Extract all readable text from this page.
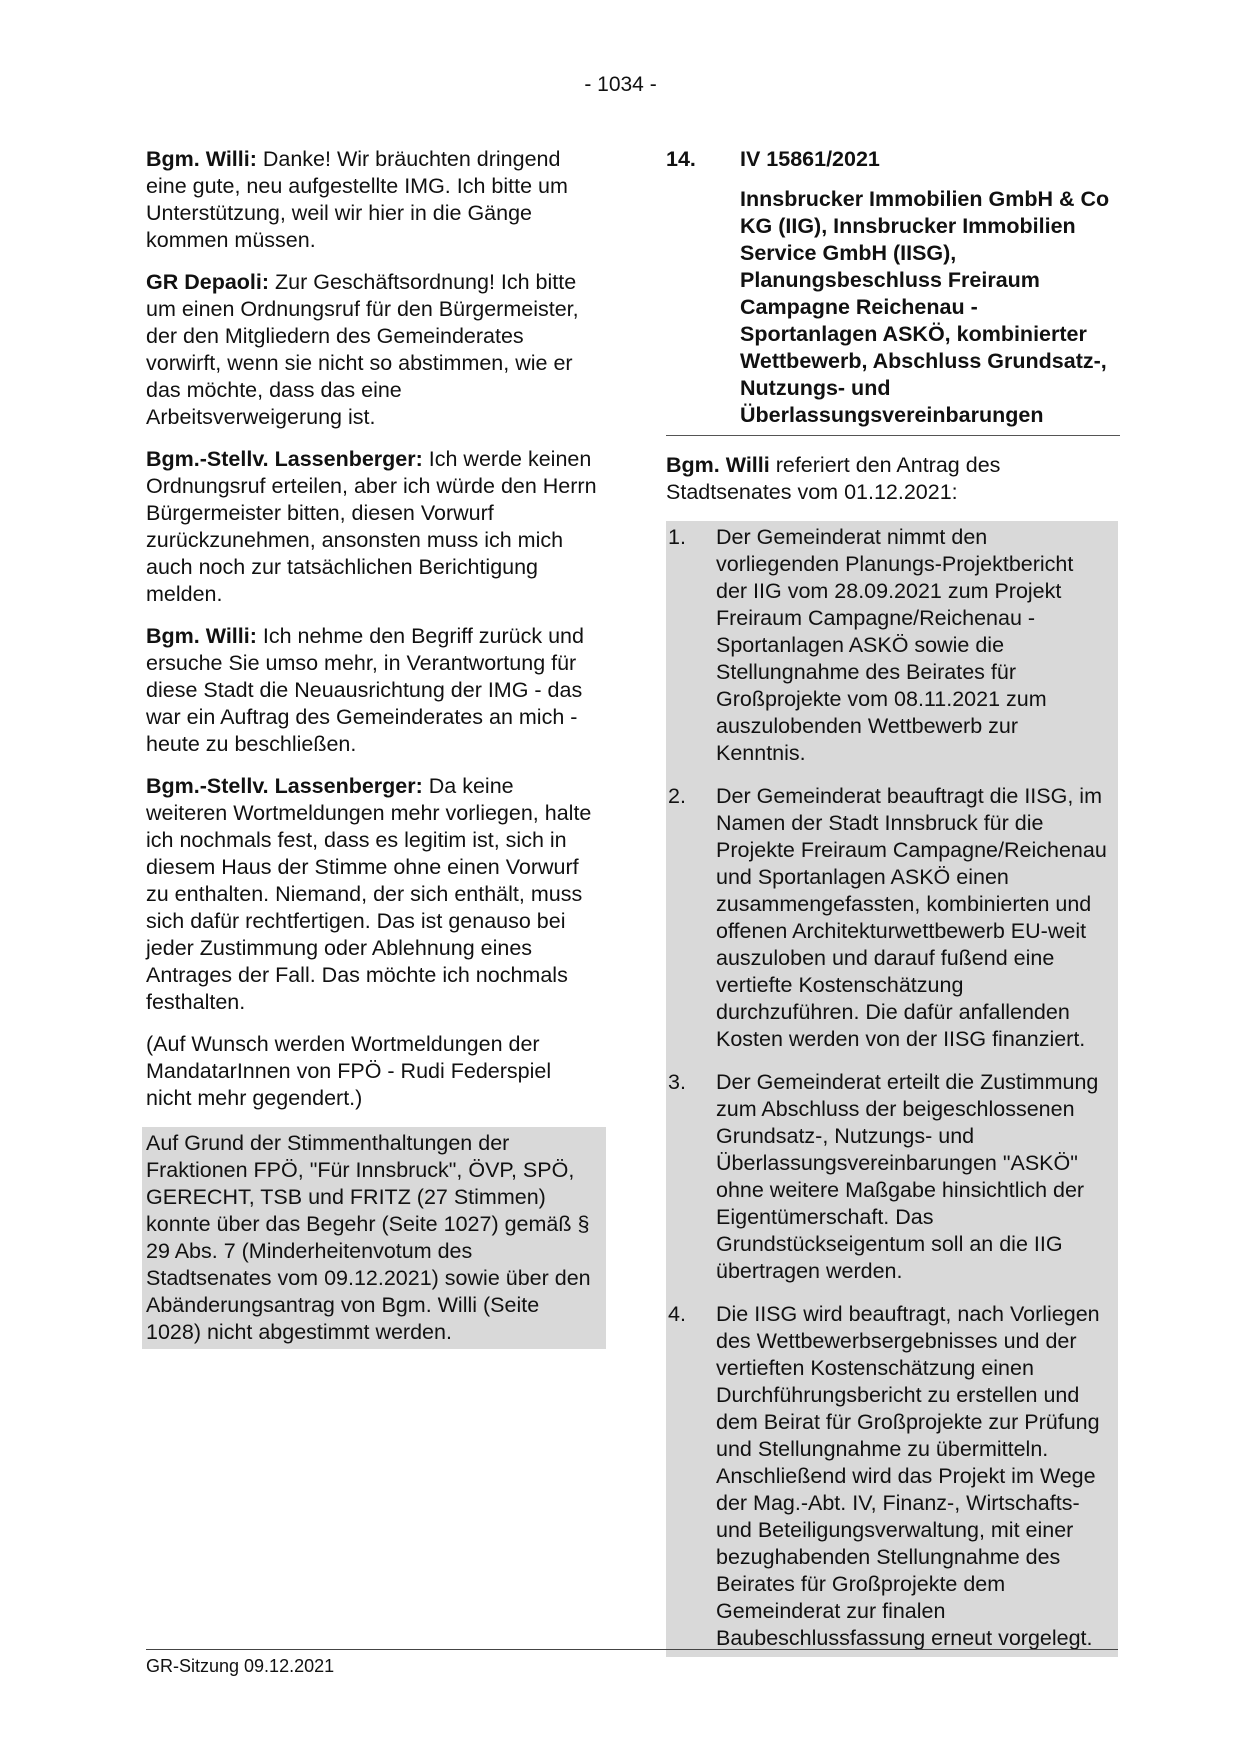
- 1034 -

Bgm. Willi: Danke! Wir bräuchten dringend eine gute, neu aufgestellte IMG. Ich bitte um Unterstützung, weil wir hier in die Gänge kommen müssen.

GR Depaoli: Zur Geschäftsordnung! Ich bitte um einen Ordnungsruf für den Bürgermeister, der den Mitgliedern des Gemeinderates vorwirft, wenn sie nicht so abstimmen, wie er das möchte, dass das eine Arbeitsverweigerung ist.

Bgm.-Stellv. Lassenberger: Ich werde keinen Ordnungsruf erteilen, aber ich würde den Herrn Bürgermeister bitten, diesen Vorwurf zurückzunehmen, ansonsten muss ich mich auch noch zur tatsächlichen Berichtigung melden.

Bgm. Willi: Ich nehme den Begriff zurück und ersuche Sie umso mehr, in Verantwortung für diese Stadt die Neuausrichtung der IMG - das war ein Auftrag des Gemeinderates an mich - heute zu beschließen.

Bgm.-Stellv. Lassenberger: Da keine weiteren Wortmeldungen mehr vorliegen, halte ich nochmals fest, dass es legitim ist, sich in diesem Haus der Stimme ohne einen Vorwurf zu enthalten. Niemand, der sich enthält, muss sich dafür rechtfertigen. Das ist genauso bei jeder Zustimmung oder Ablehnung eines Antrages der Fall. Das möchte ich nochmals festhalten.

(Auf Wunsch werden Wortmeldungen der MandatarInnen von FPÖ - Rudi Federspiel nicht mehr gegendert.)

Auf Grund der Stimmenthaltungen der Fraktionen FPÖ, "Für Innsbruck", ÖVP, SPÖ, GERECHT, TSB und FRITZ (27 Stimmen) konnte über das Begehr (Seite 1027) gemäß § 29 Abs. 7 (Minderheitenvotum des Stadtsenates vom 09.12.2021) sowie über den Abänderungsantrag von Bgm. Willi (Seite 1028) nicht abgestimmt werden.

14. IV 15861/2021

Innsbrucker Immobilien GmbH & Co KG (IIG), Innsbrucker Immobilien Service GmbH (IISG), Planungsbeschluss Freiraum Campagne Reichenau - Sportanlagen ASKÖ, kombinierter Wettbewerb, Abschluss Grundsatz-, Nutzungs- und Überlassungsvereinbarungen

Bgm. Willi referiert den Antrag des Stadtsenates vom 01.12.2021:

1.	Der Gemeinderat nimmt den vorliegenden Planungs-Projektbericht der IIG vom 28.09.2021 zum Projekt Freiraum Campagne/Reichenau - Sportanlagen ASKÖ sowie die Stellungnahme des Beirates für Großprojekte vom 08.11.2021 zum auszulobenden Wettbewerb zur Kenntnis.
2.	Der Gemeinderat beauftragt die IISG, im Namen der Stadt Innsbruck für die Projekte Freiraum Campagne/Reichenau und Sportanlagen ASKÖ einen zusammengefassten, kombinierten und offenen Architekturwettbewerb EU-weit auszuloben und darauf fußend eine vertiefte Kostenschätzung durchzuführen. Die dafür anfallenden Kosten werden von der IISG finanziert.
3.	Der Gemeinderat erteilt die Zustimmung zum Abschluss der beigeschlossenen Grundsatz-, Nutzungs- und Überlassungsvereinbarungen "ASKÖ" ohne weitere Maßgabe hinsichtlich der Eigentümerschaft. Das Grundstückseigentum soll an die IIG übertragen werden.
4.	Die IISG wird beauftragt, nach Vorliegen des Wettbewerbsergebnisses und der vertieften Kostenschätzung einen Durchführungsbericht zu erstellen und dem Beirat für Großprojekte zur Prüfung und Stellungnahme zu übermitteln. Anschließend wird das Projekt im Wege der Mag.-Abt. IV, Finanz-, Wirtschafts- und Beteiligungsverwaltung, mit einer bezughabenden Stellungnahme des Beirates für Großprojekte dem Gemeinderat zur finalen Baubeschlussfassung erneut vorgelegt.
GR-Sitzung 09.12.2021
